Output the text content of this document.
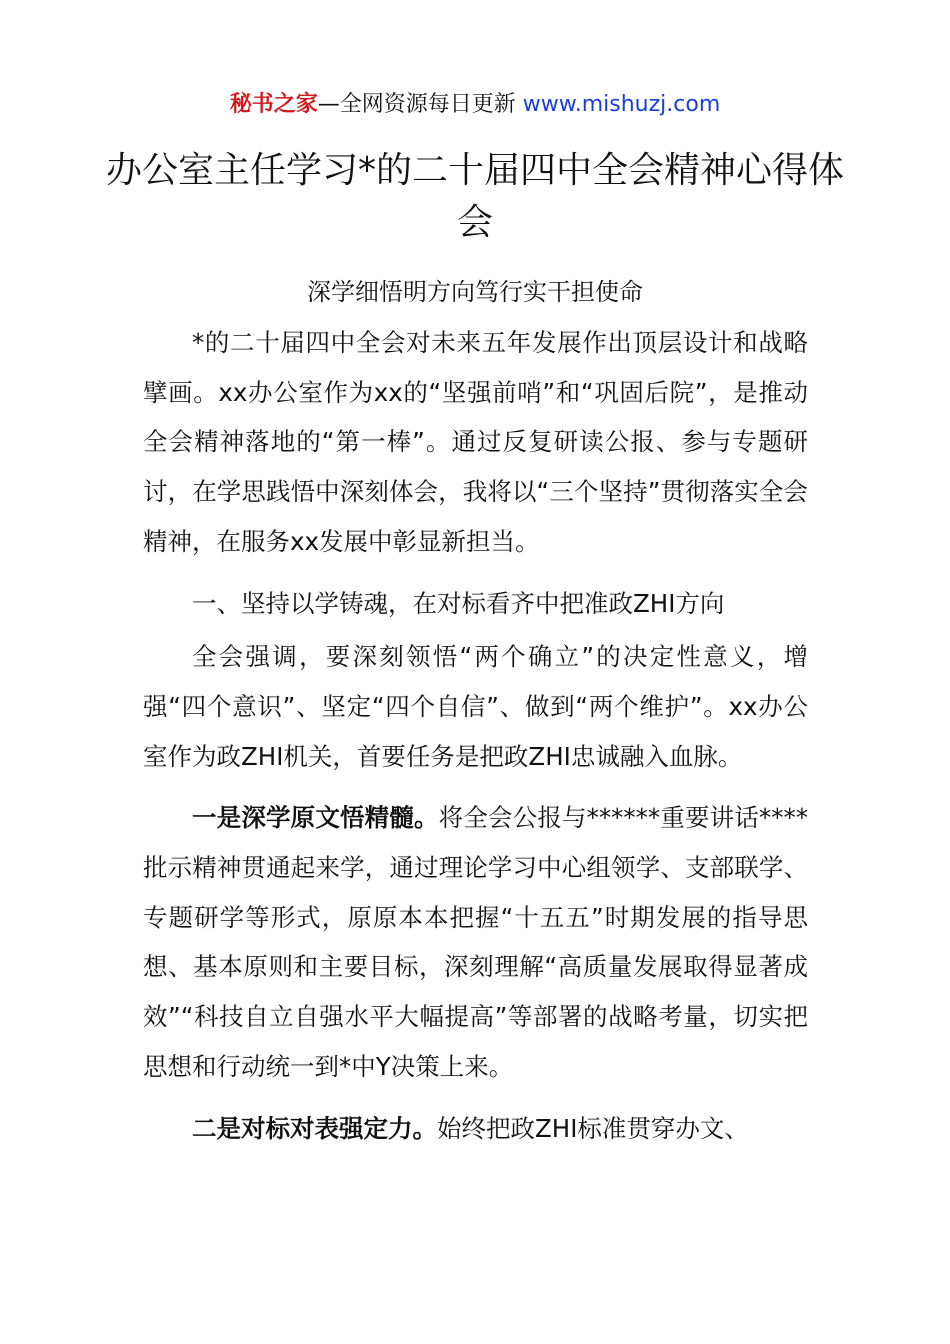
秘书之家—全网资源每日更新 www.mishuzj.com
办公室主任学习*的二十届四中全会精神心得体会
深学细悟明方向笃行实干担使命

*的二十届四中全会对未来五年发展作出顶层设计和战略擘画。xx办公室作为xx的“坚强前哨”和“巩固后院”，是推动全会精神落地的“第一棒”。通过反复研读公报、参与专题研讨，在学思践悟中深刻体会，我将以“三个坚持”贯彻落实全会精神，在服务xx发展中彰显新担当。

一、坚持以学铸魂，在对标看齐中把准政ZHI方向

全会强调，要深刻领悟“两个确立”的决定性意义，增强“四个意识”、坚定“四个自信”、做到“两个维护”。xx办公室作为政ZHI机关，首要任务是把政ZHI忠诚融入血脉。

一是深学原文悟精髓。将全会公报与******重要讲话****批示精神贯通起来学，通过理论学习中心组领学、支部联学、专题研学等形式，原原本本把握“十五五”时期发展的指导思想、基本原则和主要目标，深刻理解“高质量发展取得显著成效”“科技自立自强水平大幅提高”等部署的战略考量，切实把思想和行动统一到*中Y决策上来。

二是对标对表强定力。始终把政ZHI标准贯穿办文、
